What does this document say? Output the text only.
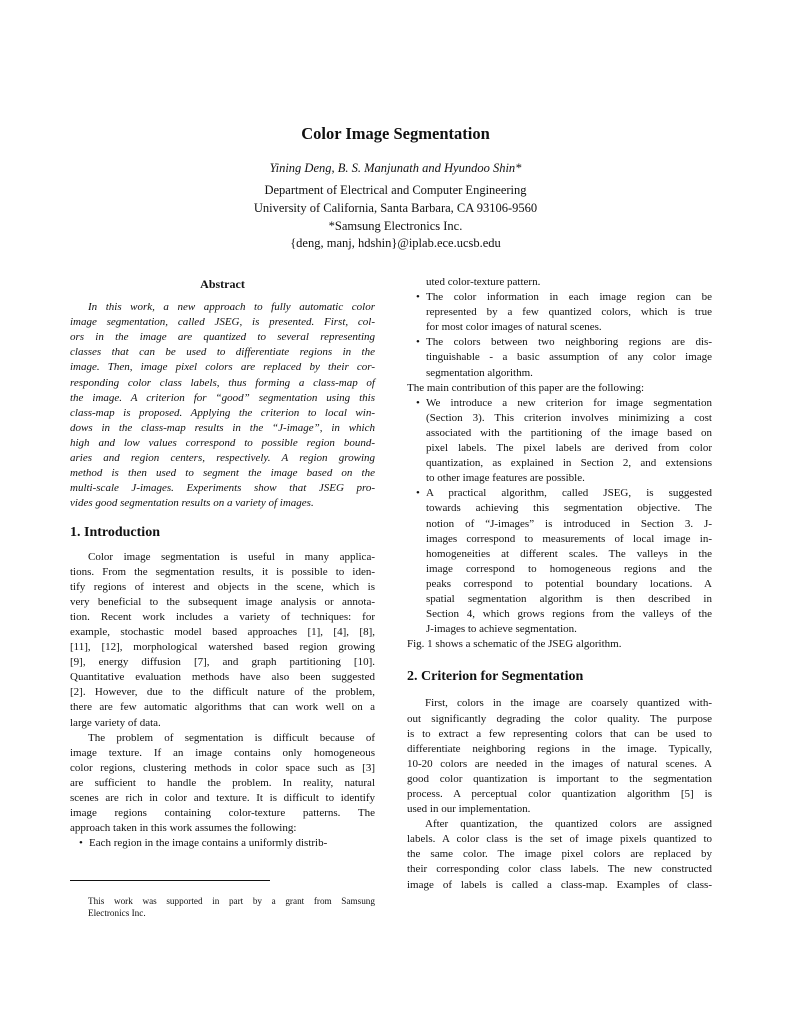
Color Image Segmentation
Yining Deng, B. S. Manjunath and Hyundoo Shin*
Department of Electrical and Computer Engineering
University of California, Santa Barbara, CA 93106-9560
*Samsung Electronics Inc.
{deng, manj, hdshin}@iplab.ece.ucsb.edu
Abstract
In this work, a new approach to fully automatic color
image segmentation, called JSEG, is presented. First, col-
ors in the image are quantized to several representing
classes that can be used to differentiate regions in the
image. Then, image pixel colors are replaced by their cor-
responding color class labels, thus forming a class-map of
the image. A criterion for “good” segmentation using this
class-map is proposed. Applying the criterion to local win-
dows in the class-map results in the “J-image”, in which
high and low values correspond to possible region bound-
aries and region centers, respectively. A region growing
method is then used to segment the image based on the
multi-scale J-images. Experiments show that JSEG pro-
vides good segmentation results on a variety of images.
1. Introduction
Color image segmentation is useful in many applica-
tions. From the segmentation results, it is possible to iden-
tify regions of interest and objects in the scene, which is
very beneficial to the subsequent image analysis or annota-
tion. Recent work includes a variety of techniques: for
example, stochastic model based approaches [1], [4], [8],
[11], [12], morphological watershed based region growing
[9], energy diffusion [7], and graph partitioning [10].
Quantitative evaluation methods have also been suggested
[2]. However, due to the difficult nature of the problem,
there are few automatic algorithms that can work well on a
large variety of data.
The problem of segmentation is difficult because of
image texture. If an image contains only homogeneous
color regions, clustering methods in color space such as [3]
are sufficient to handle the problem. In reality, natural
scenes are rich in color and texture. It is difficult to identify
image regions containing color-texture patterns. The
approach taken in this work assumes the following:
• Each region in the image contains a uniformly distrib-
This work was supported in part by a grant from Samsung
Electronics Inc.
uted color-texture pattern.
• The color information in each image region can be
represented by a few quantized colors, which is true
for most color images of natural scenes.
• The colors between two neighboring regions are dis-
tinguishable - a basic assumption of any color image
segmentation algorithm.
The main contribution of this paper are the following:
• We introduce a new criterion for image segmentation
(Section 3). This criterion involves minimizing a cost
associated with the partitioning of the image based on
pixel labels. The pixel labels are derived from color
quantization, as explained in Section 2, and extensions
to other image features are possible.
• A practical algorithm, called JSEG, is suggested
towards achieving this segmentation objective. The
notion of “J-images” is introduced in Section 3. J-
images correspond to measurements of local image in-
homogeneities at different scales. The valleys in the
image correspond to homogeneous regions and the
peaks correspond to potential boundary locations. A
spatial segmentation algorithm is then described in
Section 4, which grows regions from the valleys of the
J-images to achieve segmentation.
Fig. 1 shows a schematic of the JSEG algorithm.
2. Criterion for Segmentation
First, colors in the image are coarsely quantized with-
out significantly degrading the color quality. The purpose
is to extract a few representing colors that can be used to
differentiate neighboring regions in the image. Typically,
10-20 colors are needed in the images of natural scenes. A
good color quantization is important to the segmentation
process. A perceptual color quantization algorithm [5] is
used in our implementation.
After quantization, the quantized colors are assigned
labels. A color class is the set of image pixels quantized to
the same color. The image pixel colors are replaced by
their corresponding color class labels. The new constructed
image of labels is called a class-map. Examples of class-
